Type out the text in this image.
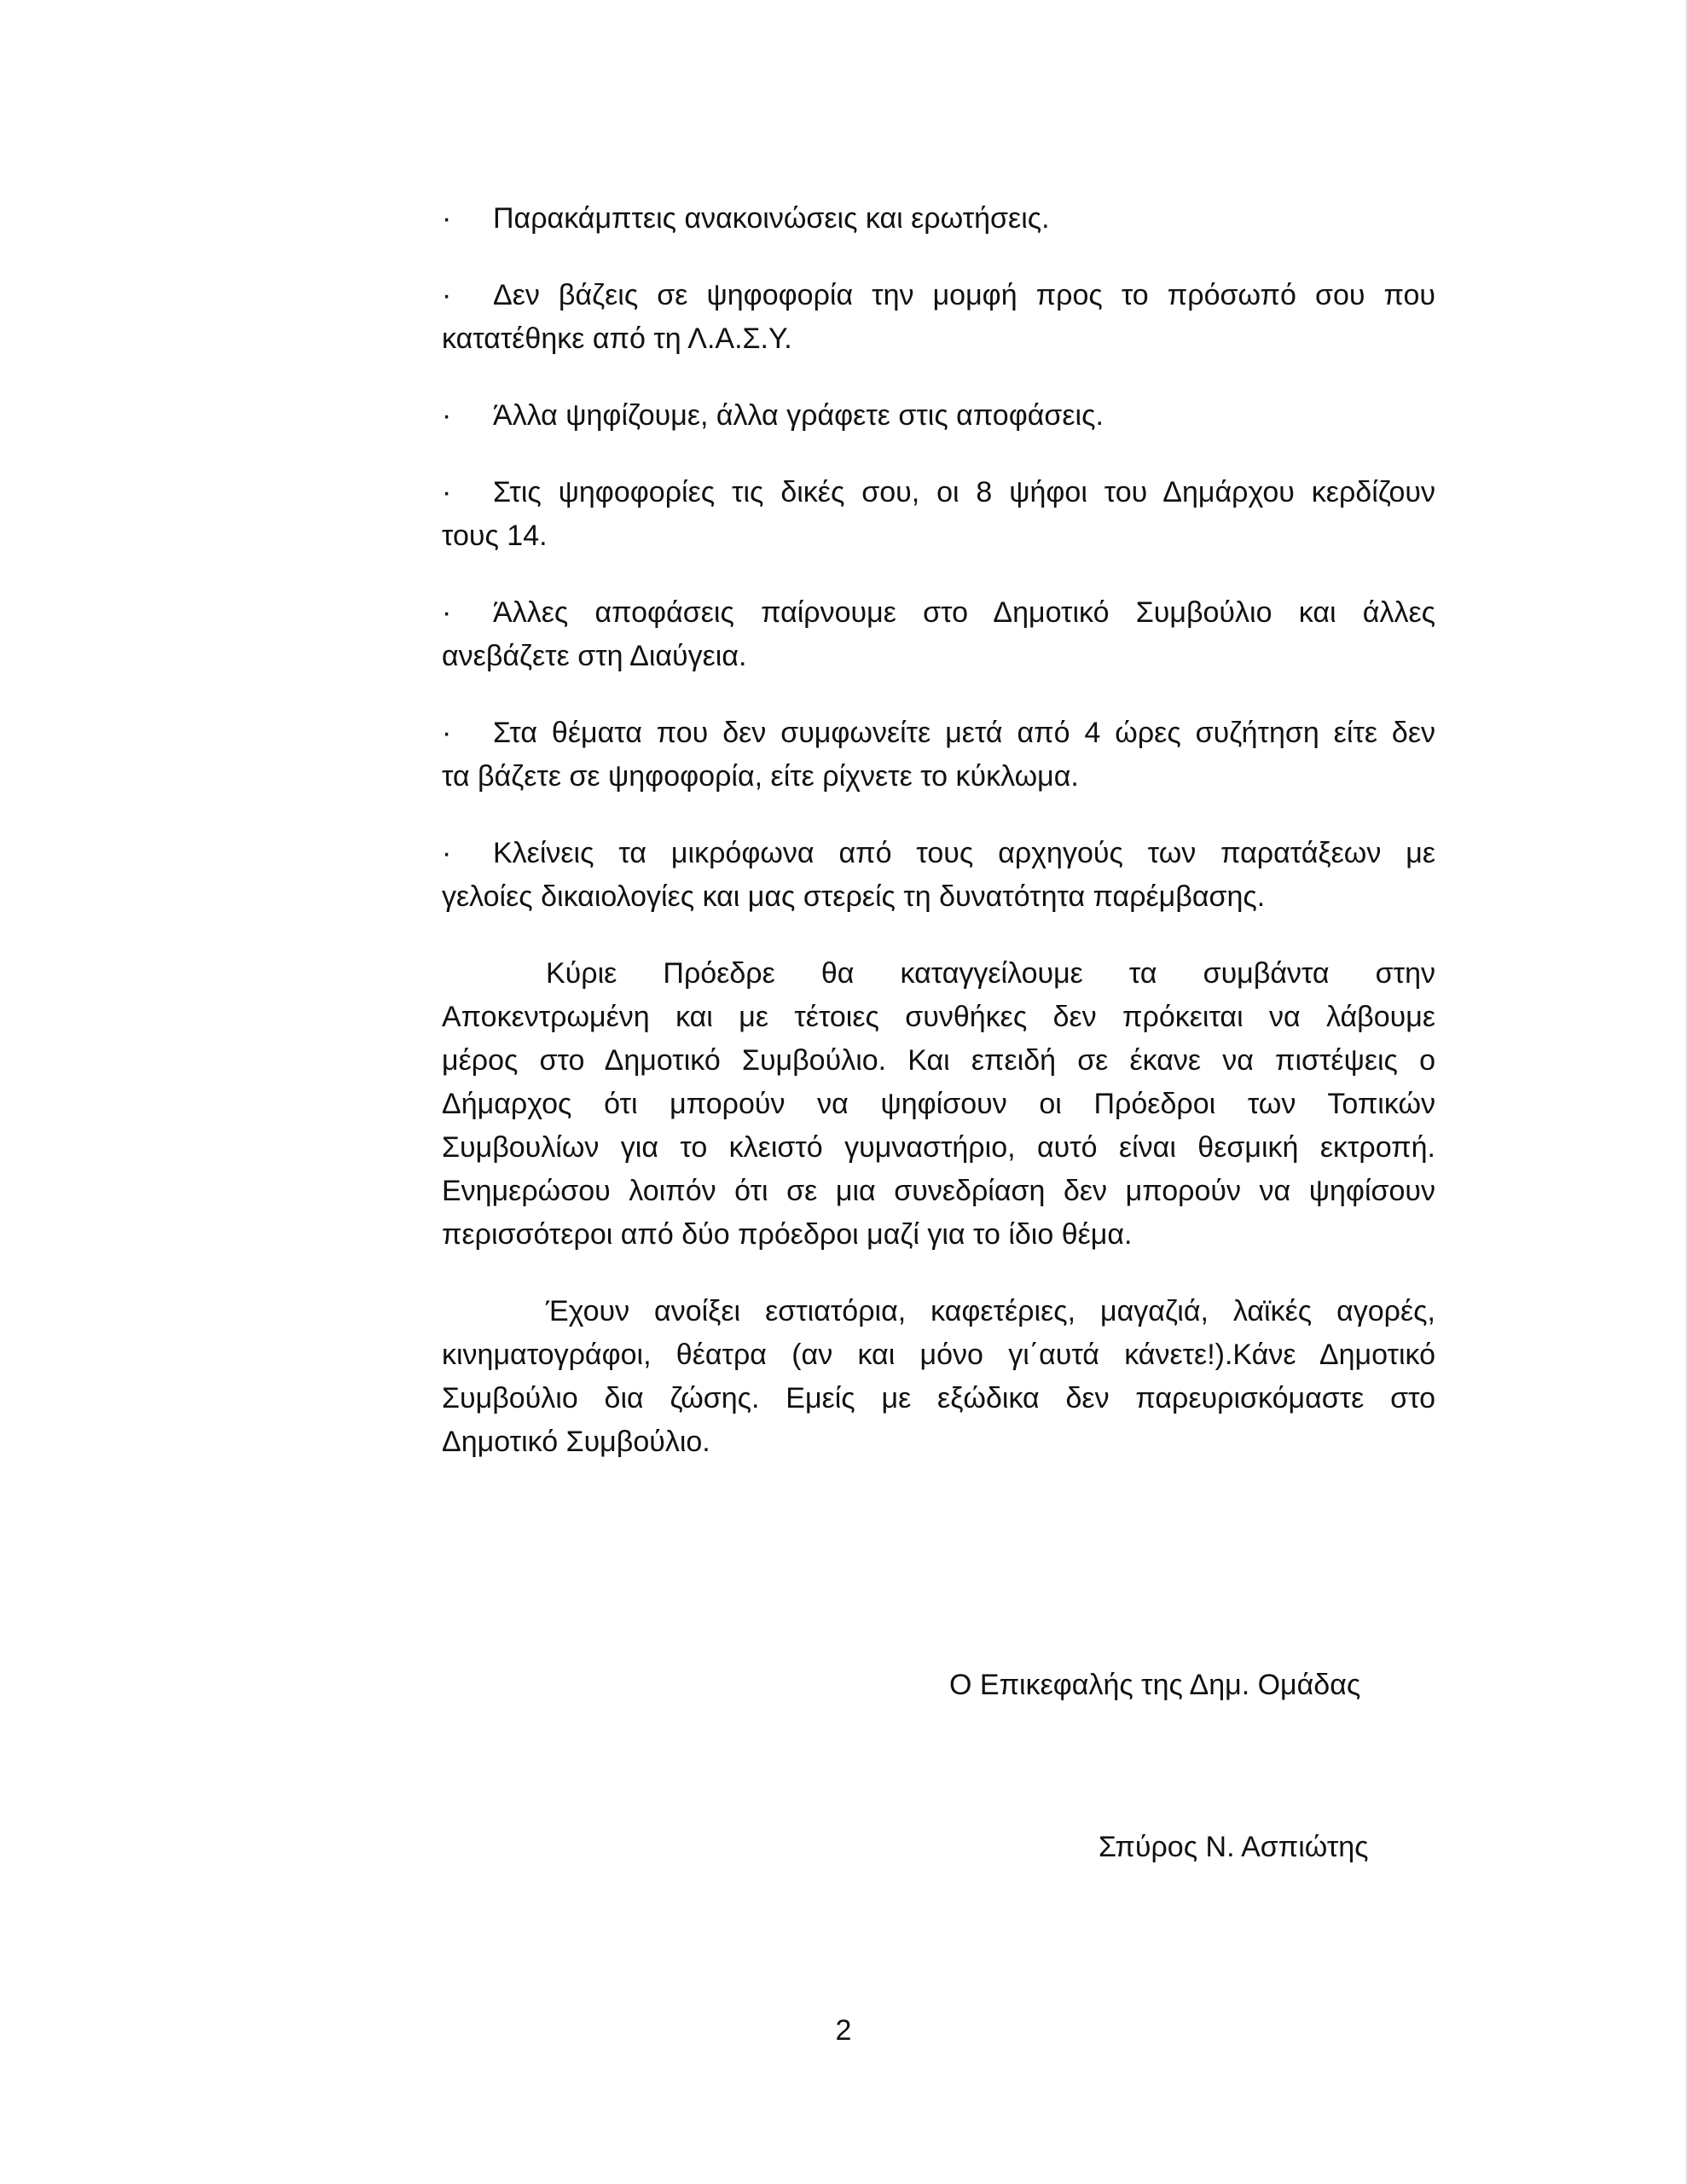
· Παρακάμπτεις ανακοινώσεις και ερωτήσεις.
· Δεν βάζεις σε ψηφοφορία την μομφή προς το πρόσωπό σου που
κατατέθηκε από τη Λ.Α.Σ.Υ.
· Άλλα ψηφίζουμε, άλλα γράφετε στις αποφάσεις.
· Στις ψηφοφορίες τις δικές σου, οι 8 ψήφοι του Δημάρχου κερδίζουν
τους 14.
· Άλλες αποφάσεις παίρνουμε στο Δημοτικό Συμβούλιο και άλλες
ανεβάζετε στη Διαύγεια.
· Στα θέματα που δεν συμφωνείτε μετά από 4 ώρες συζήτηση είτε δεν
τα βάζετε σε ψηφοφορία, είτε ρίχνετε το κύκλωμα.
· Κλείνεις τα μικρόφωνα από τους αρχηγούς των παρατάξεων με
γελοίες δικαιολογίες και μας στερείς τη δυνατότητα παρέμβασης.
Κύριε Πρόεδρε θα καταγγείλουμε τα συμβάντα στην
Αποκεντρωμένη και με τέτοιες συνθήκες δεν πρόκειται να λάβουμε
μέρος στο Δημοτικό Συμβούλιο. Και επειδή σε έκανε να πιστέψεις ο
Δήμαρχος ότι μπορούν να ψηφίσουν οι Πρόεδροι των Τοπικών
Συμβουλίων για το κλειστό γυμναστήριο, αυτό είναι θεσμική εκτροπή.
Ενημερώσου λοιπόν ότι σε μια συνεδρίαση δεν μπορούν να ψηφίσουν
περισσότεροι από δύο πρόεδροι μαζί για το ίδιο θέμα.
Έχουν ανοίξει εστιατόρια, καφετέριες, μαγαζιά, λαϊκές αγορές,
κινηματογράφοι, θέατρα (αν και μόνο γι΄αυτά κάνετε!).Κάνε Δημοτικό
Συμβούλιο δια ζώσης. Εμείς με εξώδικα δεν παρευρισκόμαστε στο
Δημοτικό Συμβούλιο.
Ο Επικεφαλής της Δημ. Ομάδας
Σπύρος Ν. Ασπιώτης
2
